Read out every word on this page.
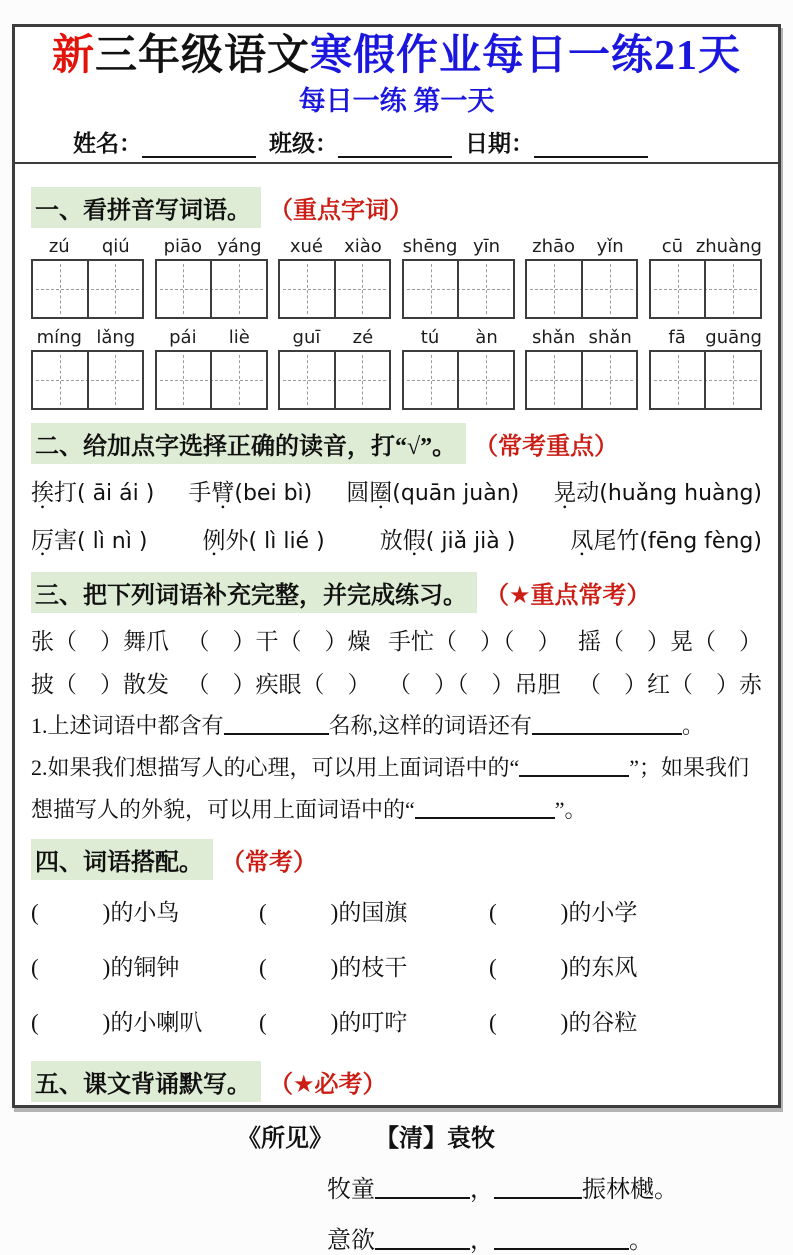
新三年级语文寒假作业每日一练21天
每日一练 第一天
姓名：	班级：	日期：
一、看拼音写词语。 （重点字词）
zú	qiú	piāo yáng	xué	xiào	shēng yīn	zhāo	yǐn	cū zhuàng
míng lǎng	pái	liè	guī	zé	tú	àn	shǎn shǎn	fā	guāng
二、给加点字选择正确的读音，打“√”。 （常考重点）
挨打( āi ái ) 手臂(bei bì) 圆圈(quān juàn) 晃动(huǎng huàng)
厉害( lì nì ) 例外( lì lié ) 放假( jiǎ jià ) 凤尾竹(fēng fèng)
三、把下列词语补充完整，并完成练习。 （★重点常考）
张（　）舞爪 （　）干（　）燥 手忙（　）（　） 摇（　）晃（　）
披（　）散发 （　）疾眼（　） （　）（　）吊胆 （　）红（　）赤
1.上述词语中都含有	名称,这样的词语还有	。
2.如果我们想描写人的心理，可以用上面词语中的“	”；如果我们
想描写人的外貌，可以用上面词语中的“	”。
四、词语搭配。 （常考）
(	)的小鸟	(	)的国旗	(	)的小学
(	)的铜钟	(	)的枝干	(	)的东风
(	)的小喇叭	(	)的叮咛	(	)的谷粒
五、课文背诵默写。 （★必考）
《所见》 【清】袁牧
牧童	，	振林樾。
意欲	，	。
